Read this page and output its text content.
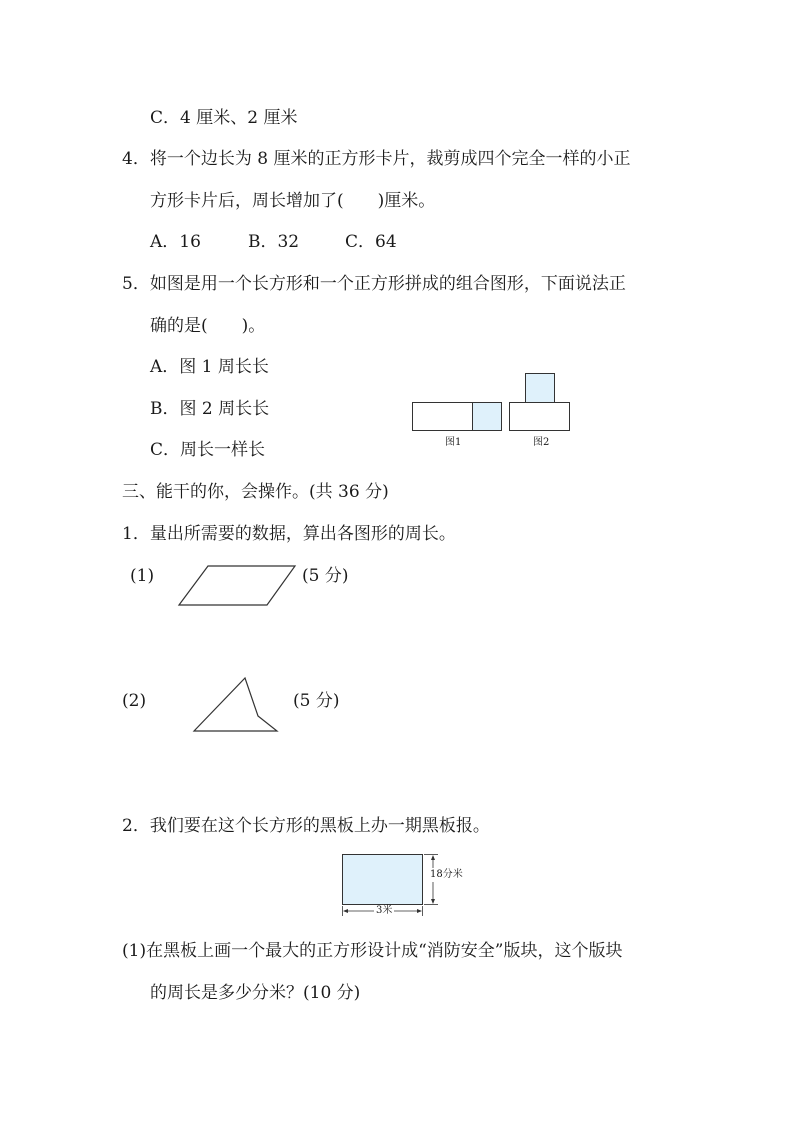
C．4 厘米、2 厘米
4．将一个边长为 8 厘米的正方形卡片，裁剪成四个完全一样的小正
方形卡片后，周长增加了(　　)厘米。
A．16	B．32	C．64
5．如图是用一个长方形和一个正方形拼成的组合图形，下面说法正
确的是(　　)。
A．图 1 周长长
B．图 2 周长长
C．周长一样长	图1	图2
三、能干的你，会操作。(共 36 分)
1．量出所需要的数据，算出各图形的周长。
(1)	(5 分)
(2)	(5 分)
2．我们要在这个长方形的黑板上办一期黑板报。
18分米
3米
(1)在黑板上画一个最大的正方形设计成“消防安全”版块，这个版块
的周长是多少分米？(10 分)
